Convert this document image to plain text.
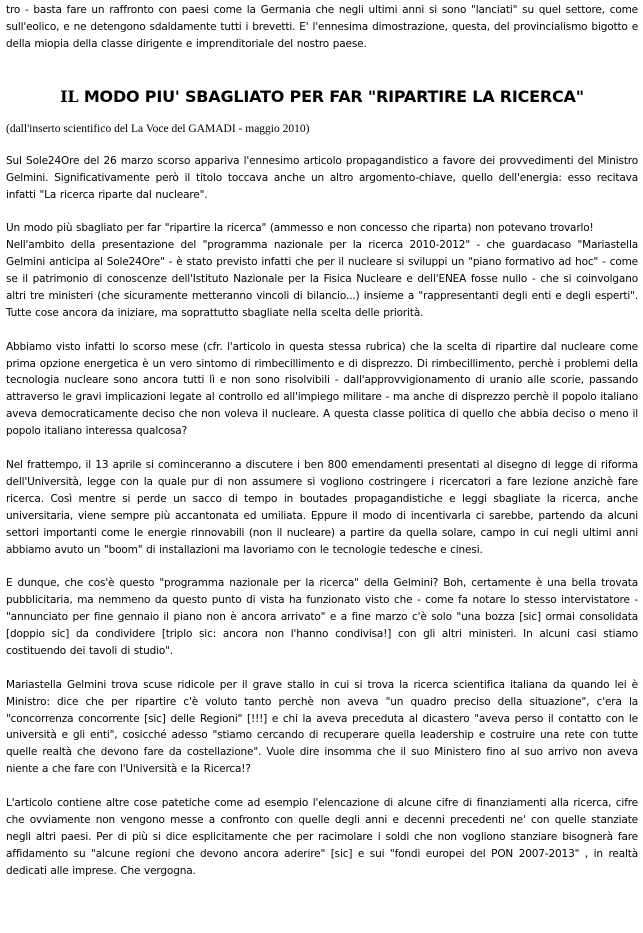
tro - basta fare un raffronto con paesi come la Germania che negli ultimi anni si sono "lanciati" su quel settore, come sull'eolico, e ne detengono sdaldamente tutti i brevetti. E' l'ennesima dimostrazione, questa, del provincialismo bigotto e della miopia della classe dirigente e imprenditoriale del nostro paese.

IL MODO PIU' SBAGLIATO PER FAR "RIPARTIRE LA RICERCA"

(dall'inserto scientifico del La Voce del GAMADI - maggio 2010)

Sul Sole24Ore del 26 marzo scorso appariva l'ennesimo articolo propagandistico a favore dei provvedimenti del Ministro Gelmini. Significativamente però il titolo toccava anche un altro argomento-chiave, quello dell'energia: esso recitava infatti "La ricerca riparte dal nucleare".

Un modo più sbagliato per far "ripartire la ricerca" (ammesso e non concesso che riparta) non potevano trovarlo!

Nell'ambito della presentazione del "programma nazionale per la ricerca 2010-2012" - che guardacaso "Mariastella Gelmini anticipa al Sole24Ore" - è stato previsto infatti che per il nucleare si sviluppi un "piano formativo ad hoc" - come se il patrimonio di conoscenze dell'Istituto Nazionale per la Fisica Nucleare e dell'ENEA fosse nullo - che si coinvolgano altri tre ministeri (che sicuramente metteranno vincoli di bilancio...) insieme a "rappresentanti degli enti e degli esperti". Tutte cose ancora da iniziare, ma soprattutto sbagliate nella scelta delle priorità.

Abbiamo visto infatti lo scorso mese (cfr. l'articolo in questa stessa rubrica) che la scelta di ripartire dal nucleare come prima opzione energetica è un vero sintomo di rimbecillimento e di disprezzo. Di rimbecillimento, perchè i problemi della tecnologia nucleare sono ancora tutti lì e non sono risolvibili - dall'approvvigionamento di uranio alle scorie, passando attraverso le gravi implicazioni legate al controllo ed all'impiego militare - ma anche di disprezzo perchè il popolo italiano aveva democraticamente deciso che non voleva il nucleare. A questa classe politica di quello che abbia deciso o meno il popolo italiano interessa qualcosa?

Nel frattempo, il 13 aprile si cominceranno a discutere i ben 800 emendamenti presentati al disegno di legge di riforma dell'Università, legge con la quale pur di non assumere si vogliono costringere i ricercatori a fare lezione anzichè fare ricerca. Così mentre si perde un sacco di tempo in boutades propagandistiche e leggi sbagliate la ricerca, anche universitaria, viene sempre più accantonata ed umiliata. Eppure il modo di incentivarla ci sarebbe, partendo da alcuni settori importanti come le energie rinnovabili (non il nucleare) a partire da quella solare, campo in cui negli ultimi anni abbiamo avuto un "boom" di installazioni ma lavoriamo con le tecnologie tedesche e cinesi.

E dunque, che cos'è questo "programma nazionale per la ricerca" della Gelmini? Boh, certamente è una bella trovata pubblicitaria, ma nemmeno da questo punto di vista ha funzionato visto che - come fa notare lo stesso intervistatore - "annunciato per fine gennaio il piano non è ancora arrivato" e a fine marzo c'è solo "una bozza [sic] ormai consolidata [doppio sic] da condividere [triplo sic: ancora non l'hanno condivisa!] con gli altri ministeri. In alcuni casi stiamo costituendo dei tavoli di studio".

Mariastella Gelmini trova scuse ridicole per il grave stallo in cui si trova la ricerca scientifica italiana da quando lei è Ministro: dice che per ripartire c'è voluto tanto perchè non aveva "un quadro preciso della situazione", c'era la "concorrenza concorrente [sic] delle Regioni" [!!!] e chi la aveva preceduta al dicastero "aveva perso il contatto con le università e gli enti", cosicché adesso "stiamo cercando di recuperare quella leadership e costruire una rete con tutte quelle realtà che devono fare da costellazione". Vuole dire insomma che il suo Ministero fino al suo arrivo non aveva niente a che fare con l'Università e la Ricerca!?

L'articolo contiene altre cose patetiche come ad esempio l'elencazione di alcune cifre di finanziamenti alla ricerca, cifre che ovviamente non vengono messe a confronto con quelle degli anni e decenni precedenti ne' con quelle stanziate negli altri paesi. Per di più si dice esplicitamente che per racimolare i soldi che non vogliono stanziare bisognerà fare affidamento su "alcune regioni che devono ancora aderire" [sic] e sui "fondi europei del PON 2007-2013" , in realtà dedicati alle imprese. Che vergogna.
